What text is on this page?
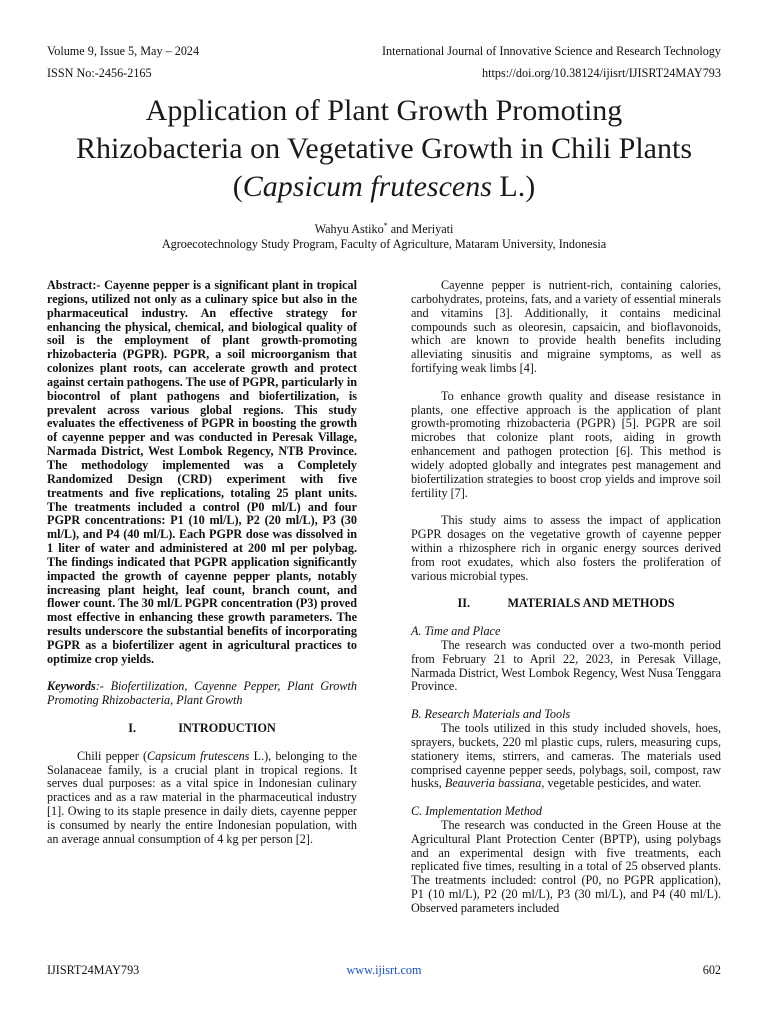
Volume 9, Issue 5, May – 2024	International Journal of Innovative Science and Research Technology
ISSN No:-2456-2165	https://doi.org/10.38124/ijisrt/IJISRT24MAY793
Application of Plant Growth Promoting
Rhizobacteria on Vegetative Growth in Chili Plants
(Capsicum frutescens L.)
Wahyu Astiko* and Meriyati
Agroecotechnology Study Program, Faculty of Agriculture, Mataram University, Indonesia

Abstract:- Cayenne pepper is a significant plant in tropical regions, utilized not only as a culinary spice but also in the pharmaceutical industry. An effective strategy for enhancing the physical, chemical, and biological quality of soil is the employment of plant growth-promoting rhizobacteria (PGPR). PGPR, a soil microorganism that colonizes plant roots, can accelerate growth and protect against certain pathogens. The use of PGPR, particularly in biocontrol of plant pathogens and biofertilization, is prevalent across various global regions. This study evaluates the effectiveness of PGPR in boosting the growth of cayenne pepper and was conducted in Peresak Village, Narmada District, West Lombok Regency, NTB Province. The methodology implemented was a Completely Randomized Design (CRD) experiment with five treatments and five replications, totaling 25 plant units. The treatments included a control (P0 ml/L) and four PGPR concentrations: P1 (10 ml/L), P2 (20 ml/L), P3 (30 ml/L), and P4 (40 ml/L). Each PGPR dose was dissolved in 1 liter of water and administered at 200 ml per polybag. The findings indicated that PGPR application significantly impacted the growth of cayenne pepper plants, notably increasing plant height, leaf count, branch count, and flower count. The 30 ml/L PGPR concentration (P3) proved most effective in enhancing these growth parameters. The results underscore the substantial benefits of incorporating PGPR as a biofertilizer agent in agricultural practices to optimize crop yields.

Keywords:- Biofertilization, Cayenne Pepper, Plant Growth Promoting Rhizobacteria, Plant Growth

I.	INTRODUCTION

Chili pepper (Capsicum frutescens L.), belonging to the Solanaceae family, is a crucial plant in tropical regions. It serves dual purposes: as a vital spice in Indonesian culinary practices and as a raw material in the pharmaceutical industry [1]. Owing to its staple presence in daily diets, cayenne pepper is consumed by nearly the entire Indonesian population, with an average annual consumption of 4 kg per person [2].

Cayenne pepper is nutrient-rich, containing calories, carbohydrates, proteins, fats, and a variety of essential minerals and vitamins [3]. Additionally, it contains medicinal compounds such as oleoresin, capsaicin, and bioflavonoids, which are known to provide health benefits including alleviating sinusitis and migraine symptoms, as well as fortifying weak limbs [4].

To enhance growth quality and disease resistance in plants, one effective approach is the application of plant growth-promoting rhizobacteria (PGPR) [5]. PGPR are soil microbes that colonize plant roots, aiding in growth enhancement and pathogen protection [6]. This method is widely adopted globally and integrates pest management and biofertilization strategies to boost crop yields and improve soil fertility [7].

This study aims to assess the impact of application PGPR dosages on the vegetative growth of cayenne pepper within a rhizosphere rich in organic energy sources derived from root exudates, which also fosters the proliferation of various microbial types.

II.	MATERIALS AND METHODS

A. Time and Place

The research was conducted over a two-month period from February 21 to April 22, 2023, in Peresak Village, Narmada District, West Lombok Regency, West Nusa Tenggara Province.

B. Research Materials and Tools

The tools utilized in this study included shovels, hoes, sprayers, buckets, 220 ml plastic cups, rulers, measuring cups, stationery items, stirrers, and cameras. The materials used comprised cayenne pepper seeds, polybags, soil, compost, raw husks, Beauveria bassiana, vegetable pesticides, and water.

C. Implementation Method

The research was conducted in the Green House at the Agricultural Plant Protection Center (BPTP), using polybags and an experimental design with five treatments, each replicated five times, resulting in a total of 25 observed plants. The treatments included: control (P0, no PGPR application), P1 (10 ml/L), P2 (20 ml/L), P3 (30 ml/L), and P4 (40 ml/L). Observed parameters included

IJISRT24MAY793	www.ijisrt.com	602
